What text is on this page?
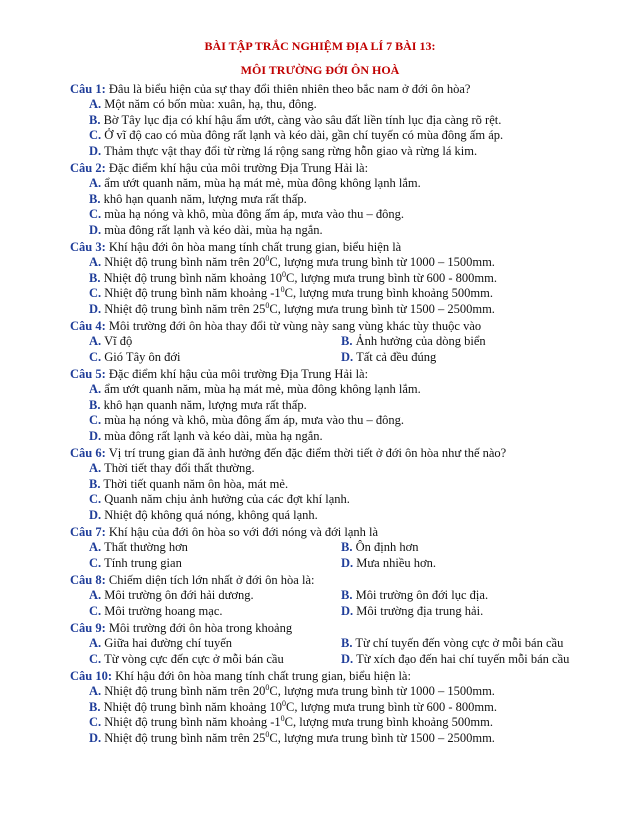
BÀI TẬP TRẮC NGHIỆM ĐỊA LÍ 7 BÀI 13:

MÔI TRƯỜNG ĐỚI ÔN HOÀ

Câu 1: Đâu là biểu hiện của sự thay đổi thiên nhiên theo bắc nam ở đới ôn hòa?
A. Một năm có bốn mùa: xuân, hạ, thu, đông.
B. Bờ Tây lục địa có khí hậu ẩm ướt, càng vào sâu đất liền tính lục địa càng rõ rệt.
C. Ở vĩ độ cao có mùa đông rất lạnh và kéo dài, gần chí tuyến có mùa đông ấm áp.
D. Thảm thực vật thay đổi từ rừng lá rộng sang rừng hỗn giao và rừng lá kim.
Câu 2: Đặc điểm khí hậu của môi trường Địa Trung Hải là:
A. ẩm ướt quanh năm, mùa hạ mát mẻ, mùa đông không lạnh lắm.
B. khô hạn quanh năm, lượng mưa rất thấp.
C. mùa hạ nóng và khô, mùa đông ấm áp, mưa vào thu – đông.
D. mùa đông rất lạnh và kéo dài, mùa hạ ngắn.
Câu 3: Khí hậu đới ôn hòa mang tính chất trung gian, biểu hiện là
A. Nhiệt độ trung bình năm trên $20^0C$, lượng mưa trung bình từ 1000 – 1500mm.
B. Nhiệt độ trung bình năm khoảng $10^0C$, lượng mưa trung bình từ 600 - 800mm.
C. Nhiệt độ trung bình năm khoảng $-1^0C$, lượng mưa trung bình khoảng 500mm.
D. Nhiệt độ trung bình năm trên $25^0C$, lượng mưa trung bình từ 1500 – 2500mm.
Câu 4: Môi trường đới ôn hòa thay đổi từ vùng này sang vùng khác tùy thuộc vào
A. Vĩ độ	B. Ảnh hưởng của dòng biển
C. Gió Tây ôn đới	D. Tất cả đều đúng
Câu 5: Đặc điểm khí hậu của môi trường Địa Trung Hải là:
A. ẩm ướt quanh năm, mùa hạ mát mẻ, mùa đông không lạnh lắm.
B. khô hạn quanh năm, lượng mưa rất thấp.
C. mùa hạ nóng và khô, mùa đông ấm áp, mưa vào thu – đông.
D. mùa đông rất lạnh và kéo dài, mùa hạ ngắn.
Câu 6: Vị trí trung gian đã ảnh hưởng đến đặc điểm thời tiết ở đới ôn hòa như thế nào?
A. Thời tiết thay đổi thất thường.
B. Thời tiết quanh năm ôn hòa, mát mẻ.
C. Quanh năm chịu ảnh hưởng của các đợt khí lạnh.
D. Nhiệt độ không quá nóng, không quá lạnh.
Câu 7: Khí hậu của đới ôn hòa so với đới nóng và đới lạnh là
A. Thất thường hơn	B. Ôn định hơn
C. Tính trung gian	D. Mưa nhiều hơn.
Câu 8: Chiếm diện tích lớn nhất ở đới ôn hòa là:
A. Môi trường ôn đới hải dương.	B. Môi trường ôn đới lục địa.
C. Môi trường hoang mạc.	D. Môi trường địa trung hải.
Câu 9: Môi trường đới ôn hòa trong khoảng
A. Giữa hai đường chí tuyến	B. Từ chí tuyến đến vòng cực ở mỗi bán cầu
C. Từ vòng cực đến cực ở mỗi bán cầu	D. Từ xích đạo đến hai chí tuyến mỗi bán cầu
Câu 10: Khí hậu đới ôn hòa mang tính chất trung gian, biểu hiện là:
A. Nhiệt độ trung bình năm trên $20^0C$, lượng mưa trung bình từ 1000 – 1500mm.
B. Nhiệt độ trung bình năm khoảng $10^0C$, lượng mưa trung bình từ 600 - 800mm.
C. Nhiệt độ trung bình năm khoảng $-1^0C$, lượng mưa trung bình khoảng 500mm.
D. Nhiệt độ trung bình năm trên $25^0C$, lượng mưa trung bình từ 1500 – 2500mm.
